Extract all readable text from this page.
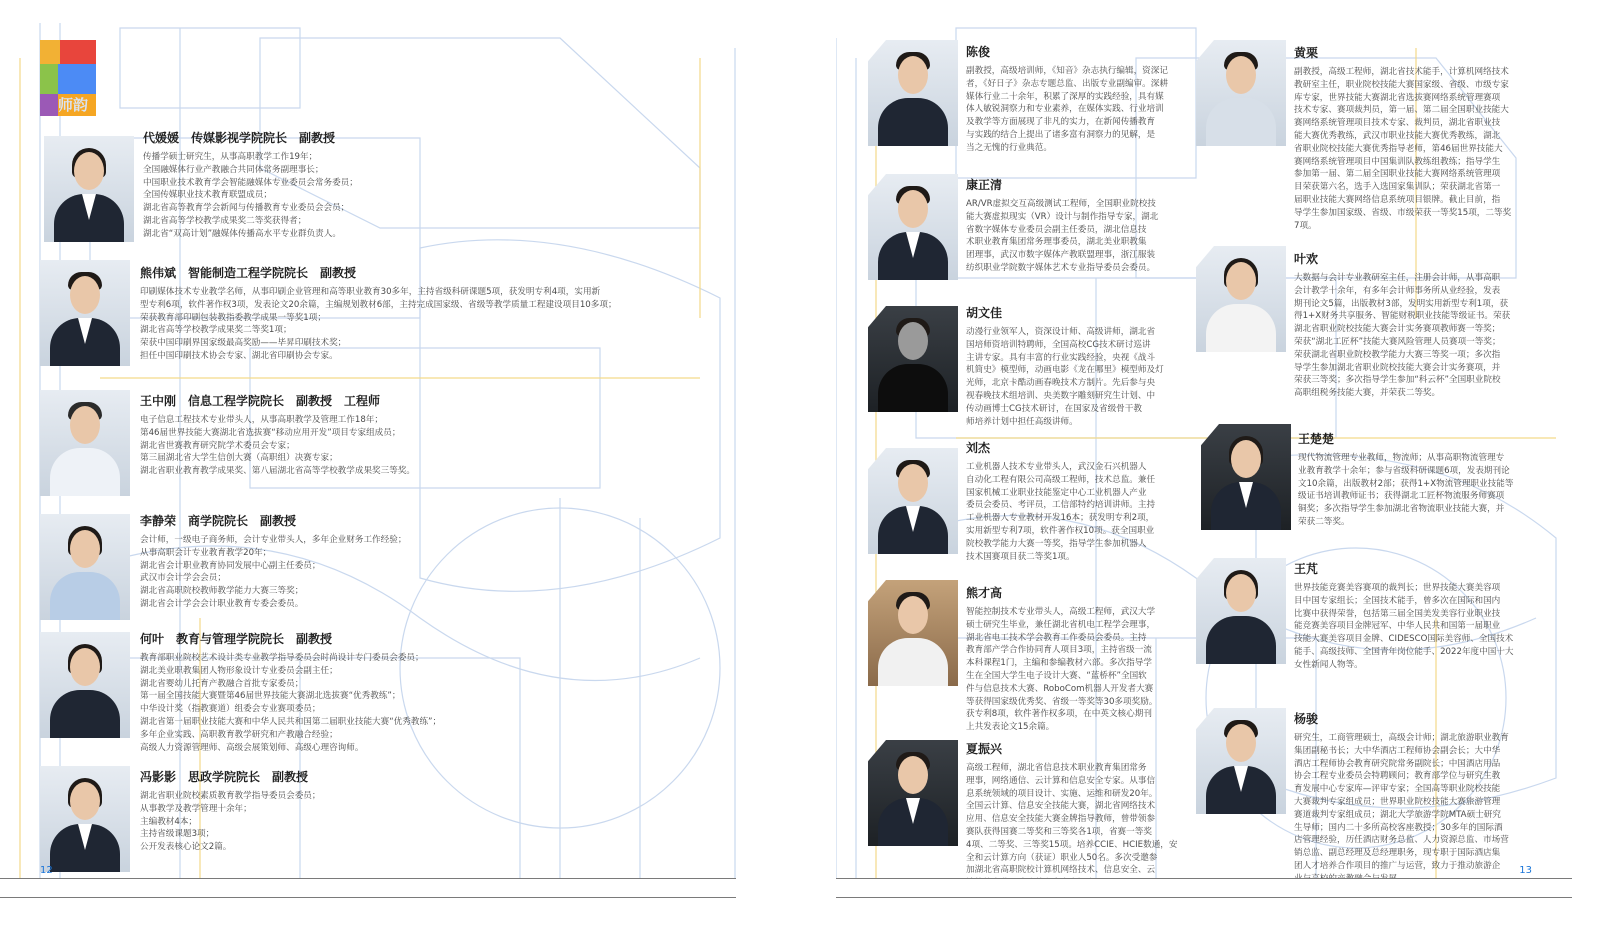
师韵
代媛媛　传媒影视学院院长　副教授
传播学硕士研究生，从事高职教学工作19年；
全国融媒体行业产教融合共同体常务副理事长；
中国职业技术教育学会智能融媒体专业委员会常务委员；
全国传媒职业技术教育联盟成员；
湖北省高等教育学会新闻与传播教育专业委员会会员；
湖北省高等学校教学成果奖二等奖获得者；
湖北省“双高计划”融媒体传播高水平专业群负责人。
熊伟斌　智能制造工程学院院长　副教授
印刷媒体技术专业教学名师，从事印刷企业管理和高等职业教育30多年，主持省级科研课题5项，获发明专利4项，实用新
型专利6项，软件著作权3项，发表论文20余篇，主编规划教材6部，主持完成国家级、省级等教学质量工程建设项目10多项；
荣获教育部印刷包装教指委教学成果一等奖1项；
湖北省高等学校教学成果奖二等奖1项；
荣获中国印刷界国家级最高奖励——毕昇印刷技术奖；
担任中国印刷技术协会专家、湖北省印刷协会专家。
王中刚　信息工程学院院长　副教授　工程师
电子信息工程技术专业带头人，从事高职教学及管理工作18年；
第46届世界技能大赛湖北省选拔赛“移动应用开发”项目专家组成员；
湖北省世赛教育研究院学术委员会专家；
第三届湖北省大学生信创大赛（高职组）决赛专家；
湖北省职业教育教学成果奖、第八届湖北省高等学校教学成果奖三等奖。
李静荣　商学院院长　副教授
会计师，一级电子商务师，会计专业带头人，多年企业财务工作经验；
从事高职会计专业教育教学20年；
湖北省会计职业教育协同发展中心副主任委员；
武汉市会计学会会员；
湖北省高职院校教师教学能力大赛三等奖；
湖北省会计学会会计职业教育专委会委员。
何叶　教育与管理学院院长　副教授
教育部职业院校艺术设计类专业教学指导委员会时尚设计专门委员会委员；
湖北美业职教集团人物形象设计专业委员会副主任；
湖北省婴幼儿托育产教融合首批专家委员；
第一届全国技能大赛暨第46届世界技能大赛湖北选拔赛“优秀教练”；
中华设计奖（指教赛道）组委会专业赛项委员；
湖北省第一届职业技能大赛和中华人民共和国第二届职业技能大赛“优秀教练”；
多年企业实践、高职教育教学研究和产教融合经验；
高级人力资源管理师、高级会展策划师、高级心理咨询师。
冯影影　思政学院院长　副教授
湖北省职业院校素质教育教学指导委员会委员；
从事教学及教学管理十余年；
主编教材4本；
主持省级课题3项；
公开发表核心论文2篇。
12
陈俊
副教授，高级培训师，《知音》杂志执行编辑，资深记
者，《好日子》杂志专题总监、出版专业副编审。深耕
媒体行业二十余年，积累了深厚的实践经验，具有媒
体人敏锐洞察力和专业素养，在媒体实践、行业培训
及教学等方面展现了非凡的实力，在新闻传播教育
与实践的结合上提出了诸多富有洞察力的见解，是
当之无愧的行业典范。
康正清
AR/VR虚拟交互高级测试工程师，全国职业院校技
能大赛虚拟现实（VR）设计与制作指导专家，湖北
省数字媒体专业委员会副主任委员，湖北信息技
术职业教育集团常务理事委员，湖北美业职教集
团理事，武汉市数字媒体产教联盟理事，浙江服装
纺织职业学院数字媒体艺术专业指导委员会委员。
胡文佳
动漫行业领军人，资深设计师、高级讲师，湖北省
国培师资培训特聘师，全国高校CG技术研讨巡讲
主讲专家。具有丰富的行业实践经验，央视《战斗
机简史》模型师，动画电影《龙在哪里》模型师及灯
光师，北京卡酷动画春晚技术方制片。先后参与央
视春晚技术组培训、央美数字雕刻研究生计划、中
传动画博士CG技术研讨，在国家及省级骨干教
师培养计划中担任高级讲师。
刘杰
工业机器人技术专业带头人，武汉金石兴机器人
自动化工程有限公司高级工程师，技术总监。兼任
国家机械工业职业技能鉴定中心工业机器人产业
委员会委员、考评员，工信部特约培训讲师。主持
工业机器人专业教材开发16本；获发明专利2项，
实用新型专利7项，软件著作权10项。获全国职业
院校教学能力大赛一等奖，指导学生参加机器人
技术国赛项目获二等奖1项。
熊才高
智能控制技术专业带头人，高级工程师，武汉大学
硕士研究生毕业，兼任湖北省机电工程学会理事，
湖北省电工技术学会教育工作委员会委员。主持
教育部产学合作协同育人项目3项，主持省级一流
本科课程1门，主编和参编教材六部。多次指导学
生在全国大学生电子设计大赛、“蓝桥杯”全国软
件与信息技术大赛、RoboCom机器人开发者大赛
等获得国家级优秀奖、省级一等奖等30多项奖励。
获专利8项，软件著作权多项，在中英文核心期刊
上共发表论文15余篇。
夏振兴
高级工程师，湖北省信息技术职业教育集团常务
理事，网络通信、云计算和信息安全专家。从事信
息系统领域的项目设计、实施、运维和研发20年。
全国云计算、信息安全技能大赛，湖北省网络技术
应用、信息安全技能大赛金牌指导教师，曾带领参
赛队获得国赛二等奖和三等奖各1项，省赛一等奖
4项、二等奖、三等奖15项。培养CCIE、HCIE数通，安
全和云计算方向（获证）职业人50名。多次受邀参
加湖北省高职院校计算机网络技术、信息安全、云
黄栗
副教授，高级工程师，湖北省技术能手，计算机网络技术
教研室主任，职业院校技能大赛国家级、省级、市级专家
库专家，世界技能大赛湖北省选拔赛网络系统管理赛项
技术专家、赛项裁判员，第一届、第二届全国职业技能大
赛网络系统管理项目技术专家、裁判员，湖北省职业技
能大赛优秀教练，武汉市职业技能大赛优秀教练，湖北
省职业院校技能大赛优秀指导老师，第46届世界技能大
赛网络系统管理项目中国集训队教练组教练；指导学生
参加第一届、第二届全国职业技能大赛网络系统管理项
目荣获第六名，选手入选国家集训队；荣获湖北省第一
届职业技能大赛网络信息系统项目银牌。截止目前，指
导学生参加国家级、省级、市级荣获一等奖15项，二等奖
7项。
叶欢
大数据与会计专业教研室主任，注册会计师，从事高职
会计教学十余年，有多年会计师事务所从业经验，发表
期刊论文5篇，出版教材3部，发明实用新型专利1项，获
得1+X财务共享服务、智能财税职业技能等级证书。荣获
湖北省职业院校技能大赛会计实务赛项教师赛一等奖；
荣获“湖北工匠杯”技能大赛风险管理人员赛项一等奖；
荣获湖北省职业院校教学能力大赛三等奖一项；多次指
导学生参加湖北省职业院校技能大赛会计实务赛项，并
荣获三等奖；多次指导学生参加“科云杯”全国职业院校
高职组税务技能大赛，并荣获二等奖。
王楚楚
现代物流管理专业教师，物流师；从事高职物流管理专
业教育教学十余年；参与省级科研课题6项，发表期刊论
文10余篇，出版教材2部；获得1+X物流管理职业技能等
级证书培训教师证书；获得湖北工匠杯物流服务师赛项
铜奖；多次指导学生参加湖北省物流职业技能大赛，并
荣获二等奖。
王芃
世界技能竞赛美容赛项的裁判长；世界技能大赛美容项
目中国专家组长；全国技术能手，曾多次在国际和国内
比赛中获得荣誉，包括第三届全国美发美容行业职业技
能竞赛美容项目金牌冠军、中华人民共和国第一届职业
技能大赛美容项目金牌、CIDESCO国际美容师、全国技术
能手、高级技师、全国青年岗位能手、2022年度中国十大
女性新闻人物等。
杨骏
研究生，工商管理硕士，高级会计师；湖北旅游职业教育
集团副秘书长；大中华酒店工程师协会副会长；大中华
酒店工程师协会教育研究院常务副院长；中国酒店用品
协会工程专业委员会特聘顾问；教育部学位与研究生教
育发展中心专家库—评审专家；全国高等职业院校技能
大赛裁判专家组成员；世界职业院校技能大赛旅游管理
赛道裁判专家组成员；湖北大学旅游学院MTA硕士研究
生导师；国内二十多所高校客座教授；30多年的国际酒
店管理经验，历任酒店财务总监、人力资源总监、市场营
销总监、副总经理及总经理职务，现专职于国际酒店集
团人才培养合作项目的推广与运营，致力于推动旅游企	13
